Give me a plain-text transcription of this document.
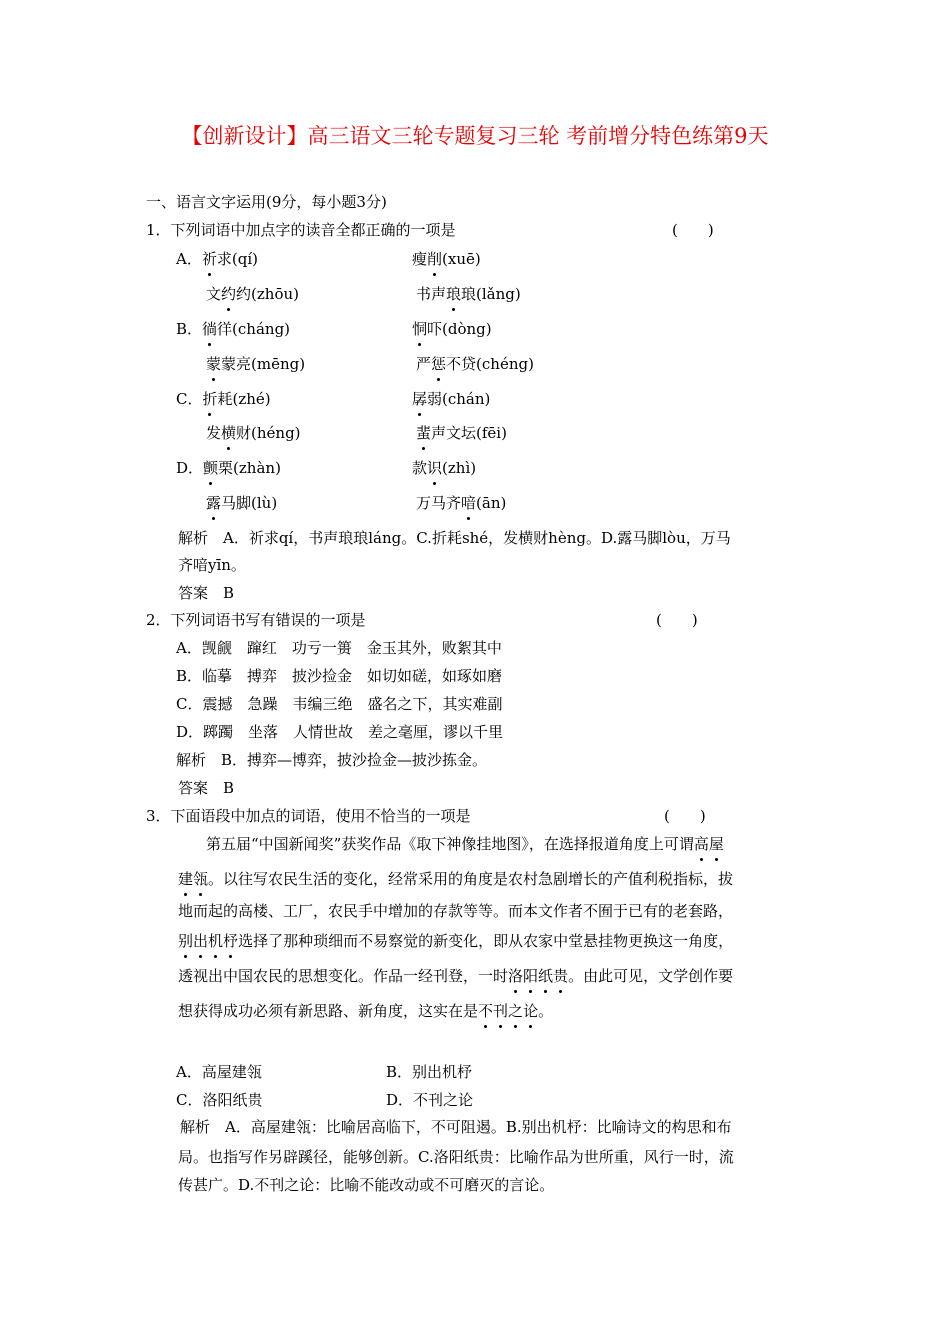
【创新设计】高三语文三轮专题复习三轮 考前增分特色练第9天
一、语言文字运用(9分，每小题3分)
1．下列词语中加点字的读音全都正确的一项是	(　　)
A．祈求(qí)	瘦削(xuē)
文约约(zhōu)	书声琅琅(lǎng)
B．徜徉(cháng)	恫吓(dòng)
蒙蒙亮(mēng)	严惩不贷(chéng)
C．折耗(zhé)	孱弱(chán)
发横财(héng)	蜚声文坛(fēi)
D．颤栗(zhàn)	款识(zhì)
露马脚(lù)	万马齐喑(ān)
解析　A．祈求qí，书声琅琅láng。C.折耗shé，发横财hèng。D.露马脚lòu，万马
齐喑yīn。
答案　B
2．下列词语书写有错误的一项是	(　　)
A．觊觎　蹿红　功亏一篑　金玉其外，败絮其中
B．临摹　搏弈　披沙捡金　如切如磋，如琢如磨
C．震撼　急躁　韦编三绝　盛名之下，其实难副
D．踯躅　坐落　人情世故　差之毫厘，谬以千里
解析　B．搏弈—博弈，披沙捡金—披沙拣金。
答案　B
3．下面语段中加点的词语，使用不恰当的一项是	(　　)
第五届“中国新闻奖”获奖作品《取下神像挂地图》，在选择报道角度上可谓高屋
建瓴。以往写农民生活的变化，经常采用的角度是农村急剧增长的产值利税指标，拔
地而起的高楼、工厂，农民手中增加的存款等等。而本文作者不囿于已有的老套路，
别出机杼选择了那种琐细而不易察觉的新变化，即从农家中堂悬挂物更换这一角度，
透视出中国农民的思想变化。作品一经刊登，一时洛阳纸贵。由此可见，文学创作要
想获得成功必须有新思路、新角度，这实在是不刊之论。
A．高屋建瓴	B．别出机杼
C．洛阳纸贵	D．不刊之论
解析　A．高屋建瓴：比喻居高临下，不可阻遏。B.别出机杼：比喻诗文的构思和布
局。也指写作另辟蹊径，能够创新。C.洛阳纸贵：比喻作品为世所重，风行一时，流
传甚广。D.不刊之论：比喻不能改动或不可磨灭的言论。
